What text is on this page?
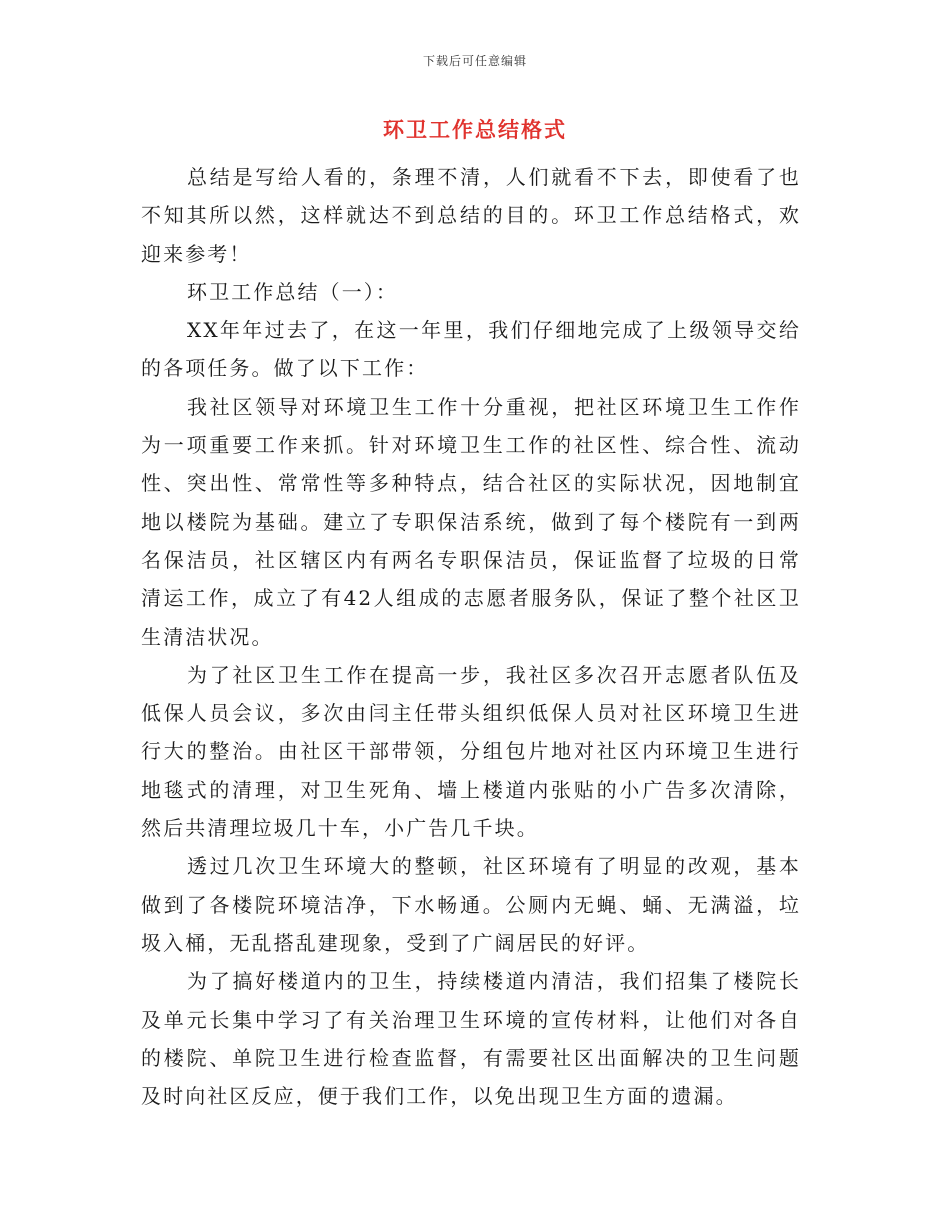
下载后可任意编辑
环卫工作总结格式

总结是写给人看的，条理不清，人们就看不下去，即使看了也不知其所以然，这样就达不到总结的目的。环卫工作总结格式，欢迎来参考！

环卫工作总结（一）：

XX年年过去了，在这一年里，我们仔细地完成了上级领导交给的各项任务。做了以下工作：

我社区领导对环境卫生工作十分重视，把社区环境卫生工作作为一项重要工作来抓。针对环境卫生工作的社区性、综合性、流动性、突出性、常常性等多种特点，结合社区的实际状况，因地制宜地以楼院为基础。建立了专职保洁系统，做到了每个楼院有一到两名保洁员，社区辖区内有两名专职保洁员，保证监督了垃圾的日常清运工作，成立了有42人组成的志愿者服务队，保证了整个社区卫生清洁状况。

为了社区卫生工作在提高一步，我社区多次召开志愿者队伍及低保人员会议，多次由闫主任带头组织低保人员对社区环境卫生进行大的整治。由社区干部带领，分组包片地对社区内环境卫生进行地毯式的清理，对卫生死角、墙上楼道内张贴的小广告多次清除，然后共清理垃圾几十车，小广告几千块。

透过几次卫生环境大的整顿，社区环境有了明显的改观，基本做到了各楼院环境洁净，下水畅通。公厕内无蝇、蛹、无满溢，垃圾入桶，无乱搭乱建现象，受到了广阔居民的好评。

为了搞好楼道内的卫生，持续楼道内清洁，我们招集了楼院长及单元长集中学习了有关治理卫生环境的宣传材料，让他们对各自的楼院、单院卫生进行检查监督，有需要社区出面解决的卫生问题及时向社区反应，便于我们工作，以免出现卫生方面的遗漏。
